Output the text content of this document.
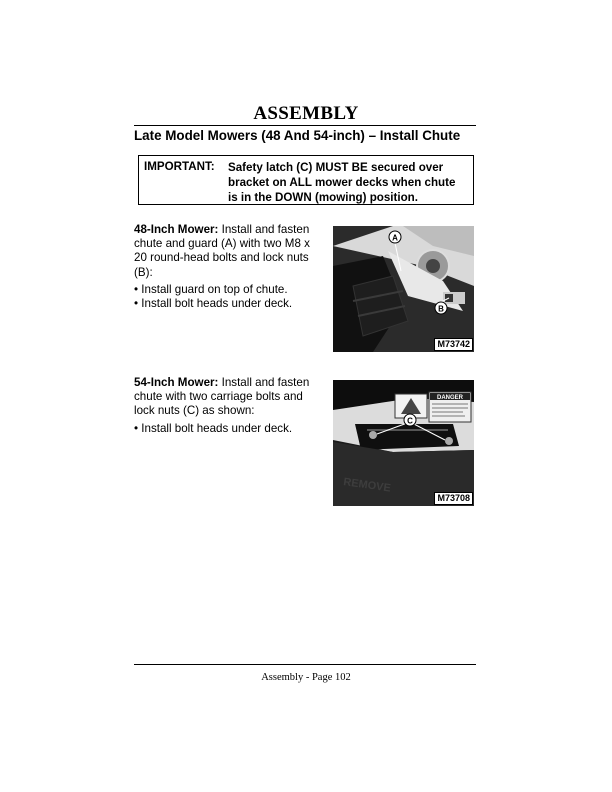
ASSEMBLY
Late Model Mowers (48 And 54-inch) – Install Chute
IMPORTANT: Safety latch (C) MUST BE secured over bracket on ALL mower decks when chute is in the DOWN (mowing) position.
48-Inch Mower: Install and fasten chute and guard (A) with two M8 x 20 round-head bolts and lock nuts (B):
• Install guard on top of chute.
• Install bolt heads under deck.
A
B
M73742
54-Inch Mower: Install and fasten chute with two carriage bolts and lock nuts (C) as shown:
• Install bolt heads under deck.
DANGER
REMOVE
C
M73708
Assembly - Page 102
